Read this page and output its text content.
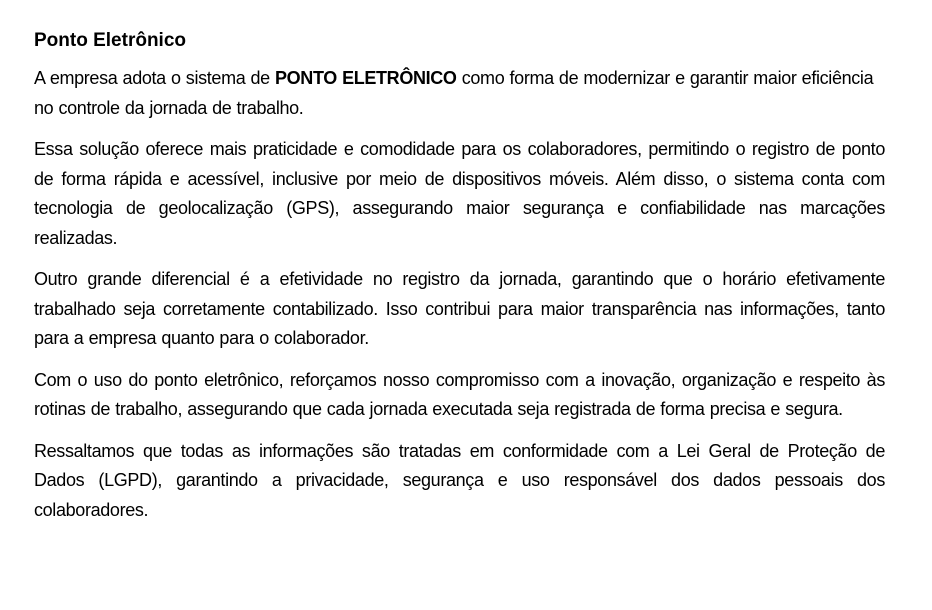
Ponto Eletrônico

A empresa adota o sistema de PONTO ELETRÔNICO como forma de modernizar e garantir maior eficiência no controle da jornada de trabalho.

Essa solução oferece mais praticidade e comodidade para os colaboradores, permitindo o registro de ponto de forma rápida e acessível, inclusive por meio de dispositivos móveis. Além disso, o sistema conta com tecnologia de geolocalização (GPS), assegurando maior segurança e confiabilidade nas marcações realizadas.

Outro grande diferencial é a efetividade no registro da jornada, garantindo que o horário efetivamente trabalhado seja corretamente contabilizado. Isso contribui para maior transparência nas informações, tanto para a empresa quanto para o colaborador.

Com o uso do ponto eletrônico, reforçamos nosso compromisso com a inovação, organização e respeito às rotinas de trabalho, assegurando que cada jornada executada seja registrada de forma precisa e segura.

Ressaltamos que todas as informações são tratadas em conformidade com a Lei Geral de Proteção de Dados (LGPD), garantindo a privacidade, segurança e uso responsável dos dados pessoais dos colaboradores.
